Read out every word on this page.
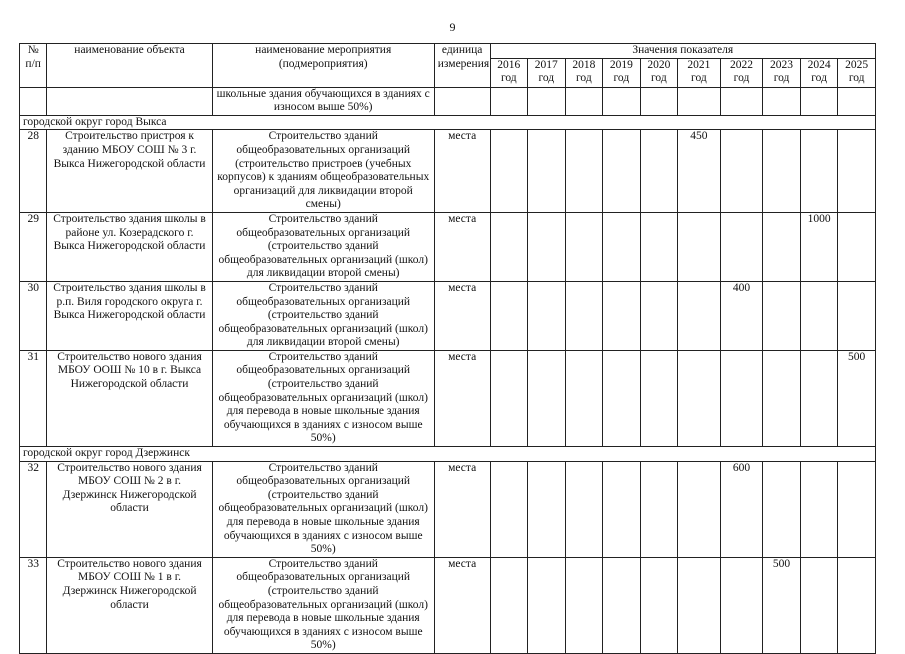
9
№ п/п	наименование объекта	наименование мероприятия (подмероприятия)	единица измерения	Значения показателя									
				2016 год	2017 год	2018 год	2019 год	2020 год	2021 год	2022 год	2023 год	2024 год	2025 год
		школьные здания обучающихся в зданиях с износом выше 50%)											
городской округ город Выкса													
28	Строительство пристроя к зданию МБОУ СОШ № 3 г. Выкса Нижегородской области	Строительство зданий общеобразовательных организаций (строительство пристроев (учебных корпусов) к зданиям общеобразовательных организаций для ликвидации второй смены)	места						450				
29	Строительство здания школы в районе ул. Козерадского г. Выкса Нижегородской области	Строительство зданий общеобразовательных организаций (строительство зданий общеобразовательных организаций (школ) для ликвидации второй смены)	места									1000	
30	Строительство здания школы в р.п. Виля городского округа г. Выкса Нижегородской области	Строительство зданий общеобразовательных организаций (строительство зданий общеобразовательных организаций (школ) для ликвидации второй смены)	места							400			
31	Строительство нового здания МБОУ ООШ № 10 в г. Выкса Нижегородской области	Строительство зданий общеобразовательных организаций (строительство зданий общеобразовательных организаций (школ) для перевода в новые школьные здания обучающихся в зданиях с износом выше 50%)	места										500
городской округ город Дзержинск													
32	Строительство нового здания МБОУ СОШ № 2 в г. Дзержинск Нижегородской области	Строительство зданий общеобразовательных организаций (строительство зданий общеобразовательных организаций (школ) для перевода в новые школьные здания обучающихся в зданиях с износом выше 50%)	места							600			
33	Строительство нового здания МБОУ СОШ № 1 в г. Дзержинск Нижегородской области	Строительство зданий общеобразовательных организаций (строительство зданий общеобразовательных организаций (школ) для перевода в новые школьные здания обучающихся в зданиях с износом выше 50%)	места								500		
